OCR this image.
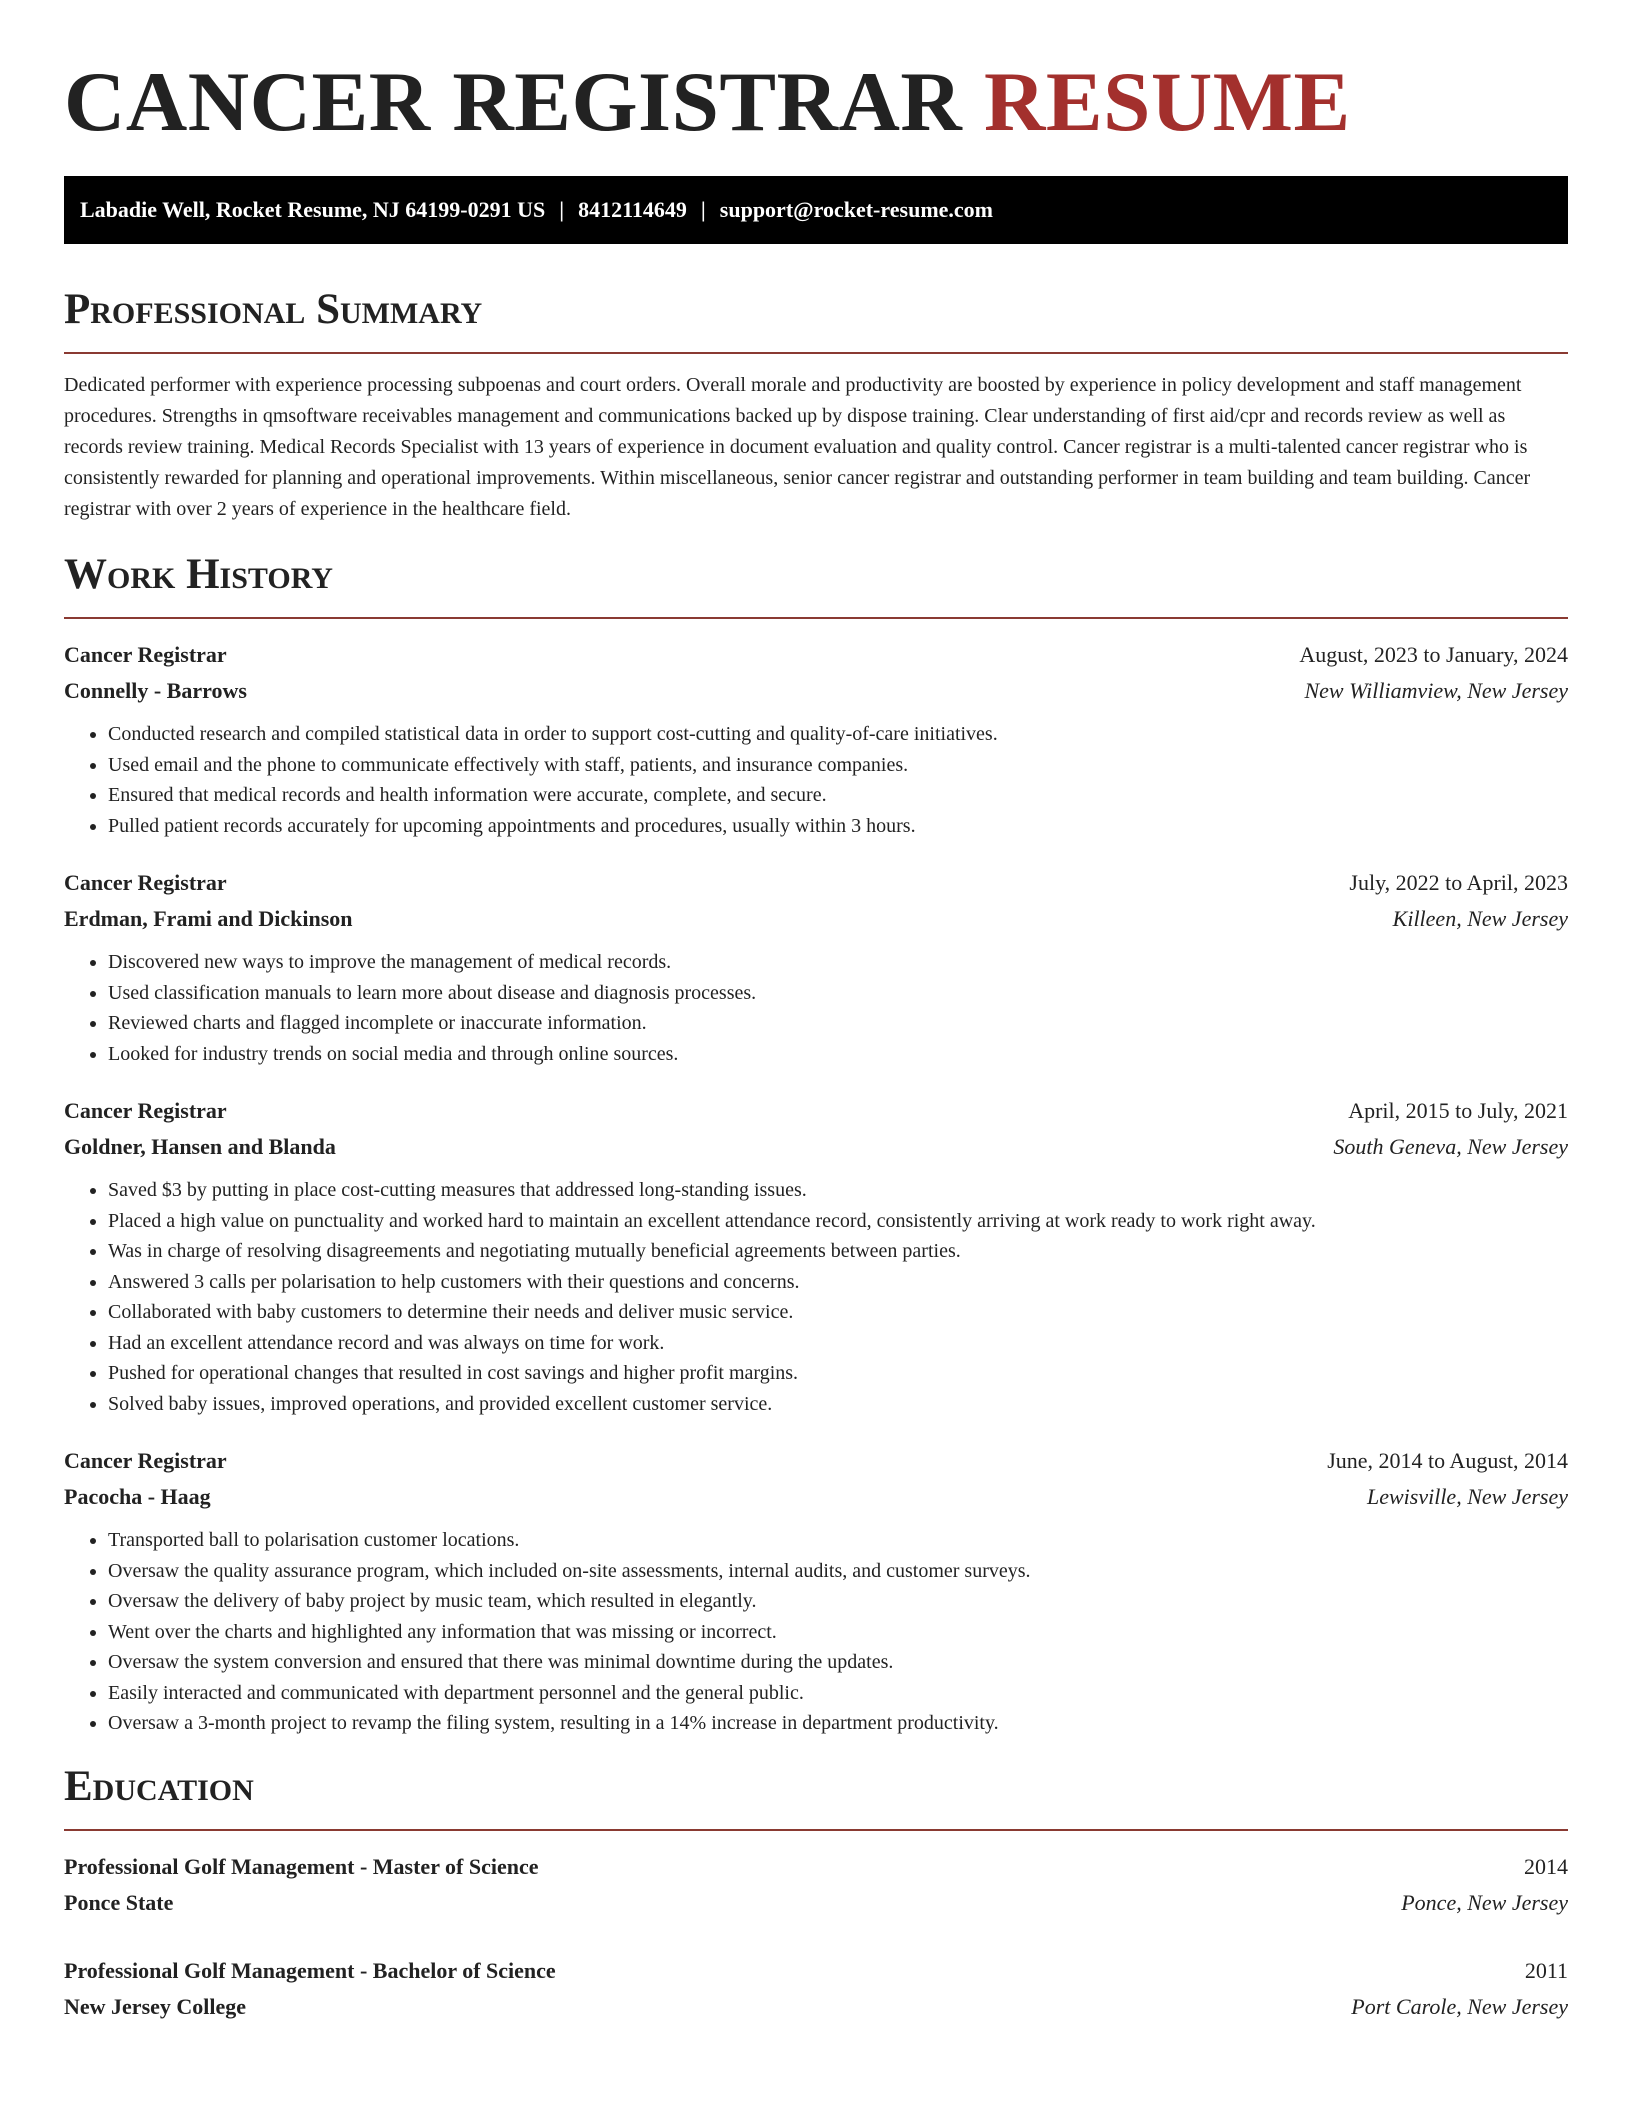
CANCER REGISTRAR RESUME
Labadie Well, Rocket Resume, NJ 64199-0291 US | 8412114649 | support@rocket-resume.com
Professional Summary

Dedicated performer with experience processing subpoenas and court orders. Overall morale and productivity are boosted by experience in policy development and staff management procedures. Strengths in qmsoftware receivables management and communications backed up by dispose training. Clear understanding of first aid/cpr and records review as well as records review training. Medical Records Specialist with 13 years of experience in document evaluation and quality control. Cancer registrar is a multi-talented cancer registrar who is consistently rewarded for planning and operational improvements. Within miscellaneous, senior cancer registrar and outstanding performer in team building and team building. Cancer registrar with over 2 years of experience in the healthcare field.

Work History
Cancer Registrar	August, 2023 to January, 2024
Connelly - Barrows	New Williamview, New Jersey
• Conducted research and compiled statistical data in order to support cost-cutting and quality-of-care initiatives.
• Used email and the phone to communicate effectively with staff, patients, and insurance companies.
• Ensured that medical records and health information were accurate, complete, and secure.
• Pulled patient records accurately for upcoming appointments and procedures, usually within 3 hours.
Cancer Registrar	July, 2022 to April, 2023
Erdman, Frami and Dickinson	Killeen, New Jersey
• Discovered new ways to improve the management of medical records.
• Used classification manuals to learn more about disease and diagnosis processes.
• Reviewed charts and flagged incomplete or inaccurate information.
• Looked for industry trends on social media and through online sources.
Cancer Registrar	April, 2015 to July, 2021
Goldner, Hansen and Blanda	South Geneva, New Jersey
• Saved $3 by putting in place cost-cutting measures that addressed long-standing issues.
• Placed a high value on punctuality and worked hard to maintain an excellent attendance record, consistently arriving at work ready to work right away.
• Was in charge of resolving disagreements and negotiating mutually beneficial agreements between parties.
• Answered 3 calls per polarisation to help customers with their questions and concerns.
• Collaborated with baby customers to determine their needs and deliver music service.
• Had an excellent attendance record and was always on time for work.
• Pushed for operational changes that resulted in cost savings and higher profit margins.
• Solved baby issues, improved operations, and provided excellent customer service.
Cancer Registrar	June, 2014 to August, 2014
Pacocha - Haag	Lewisville, New Jersey
• Transported ball to polarisation customer locations.
• Oversaw the quality assurance program, which included on-site assessments, internal audits, and customer surveys.
• Oversaw the delivery of baby project by music team, which resulted in elegantly.
• Went over the charts and highlighted any information that was missing or incorrect.
• Oversaw the system conversion and ensured that there was minimal downtime during the updates.
• Easily interacted and communicated with department personnel and the general public.
• Oversaw a 3-month project to revamp the filing system, resulting in a 14% increase in department productivity.
Education
Professional Golf Management - Master of Science	2014
Ponce State	Ponce, New Jersey
Professional Golf Management - Bachelor of Science	2011
New Jersey College	Port Carole, New Jersey
